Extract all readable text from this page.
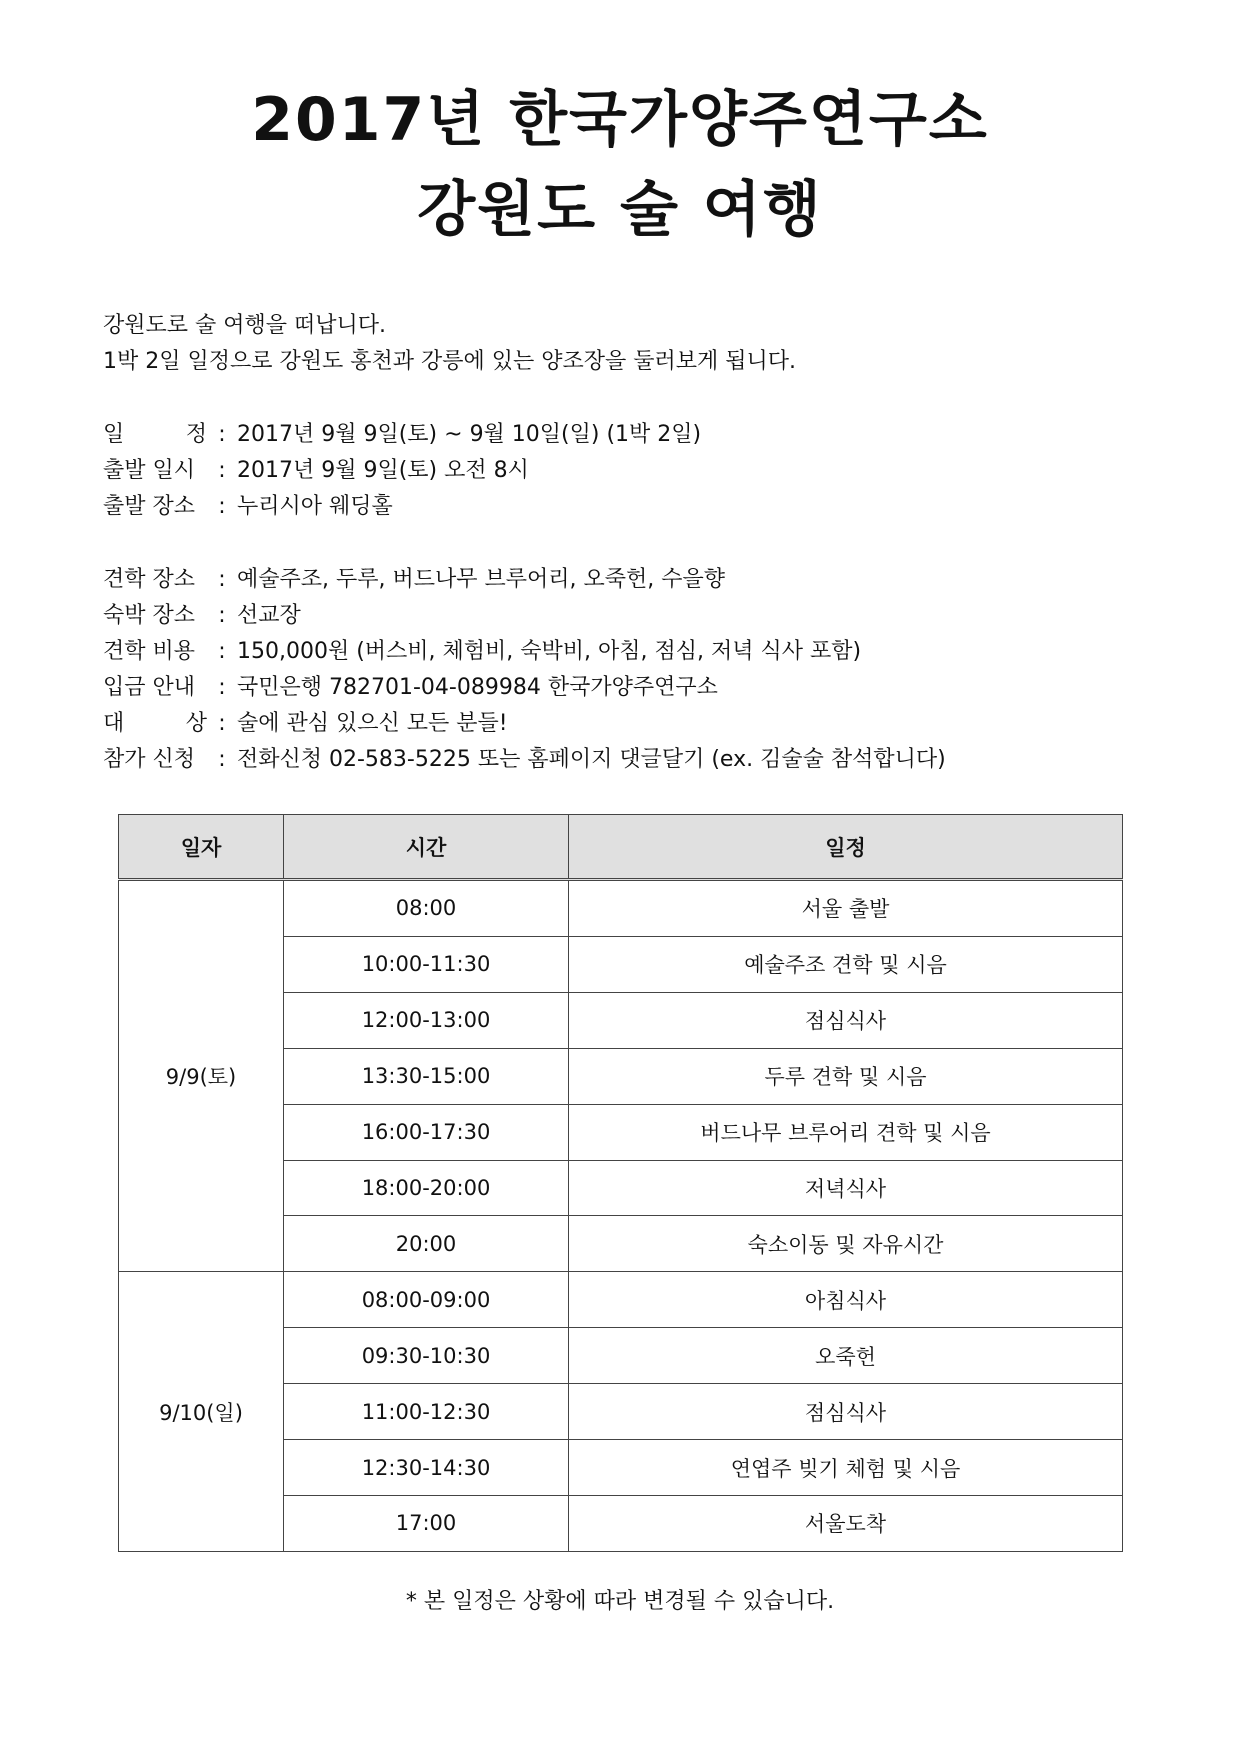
2017년 한국가양주연구소
강원도 술 여행
강원도로 술 여행을 떠납니다.
1박 2일 일정으로 강원도 홍천과 강릉에 있는 양조장을 둘러보게 됩니다.
일	정 : 2017년 9월 9일(토) ~ 9월 10일(일) (1박 2일)
출발 일시	: 2017년 9월 9일(토) 오전 8시
출발 장소	: 누리시아 웨딩홀
견학 장소	: 예술주조, 두루, 버드나무 브루어리, 오죽헌, 수을향
숙박 장소	: 선교장
견학 비용	: 150,000원 (버스비, 체험비, 숙박비, 아침, 점심, 저녁 식사 포함)
입금 안내	: 국민은행 782701-04-089984 한국가양주연구소
대	상 : 술에 관심 있으신 모든 분들!
참가 신청	: 전화신청 02-583-5225 또는 홈페이지 댓글달기 (ex. 김술술 참석합니다)
일자	시간	일정
9/9(토)	08:00	서울 출발
	10:00-11:30	예술주조 견학 및 시음
	12:00-13:00	점심식사
	13:30-15:00	두루 견학 및 시음
	16:00-17:30	버드나무 브루어리 견학 및 시음
	18:00-20:00	저녁식사
	20:00	숙소이동 및 자유시간
9/10(일)	08:00-09:00	아침식사
	09:30-10:30	오죽헌
	11:00-12:30	점심식사
	12:30-14:30	연엽주 빚기 체험 및 시음
	17:00	서울도착
* 본 일정은 상황에 따라 변경될 수 있습니다.
